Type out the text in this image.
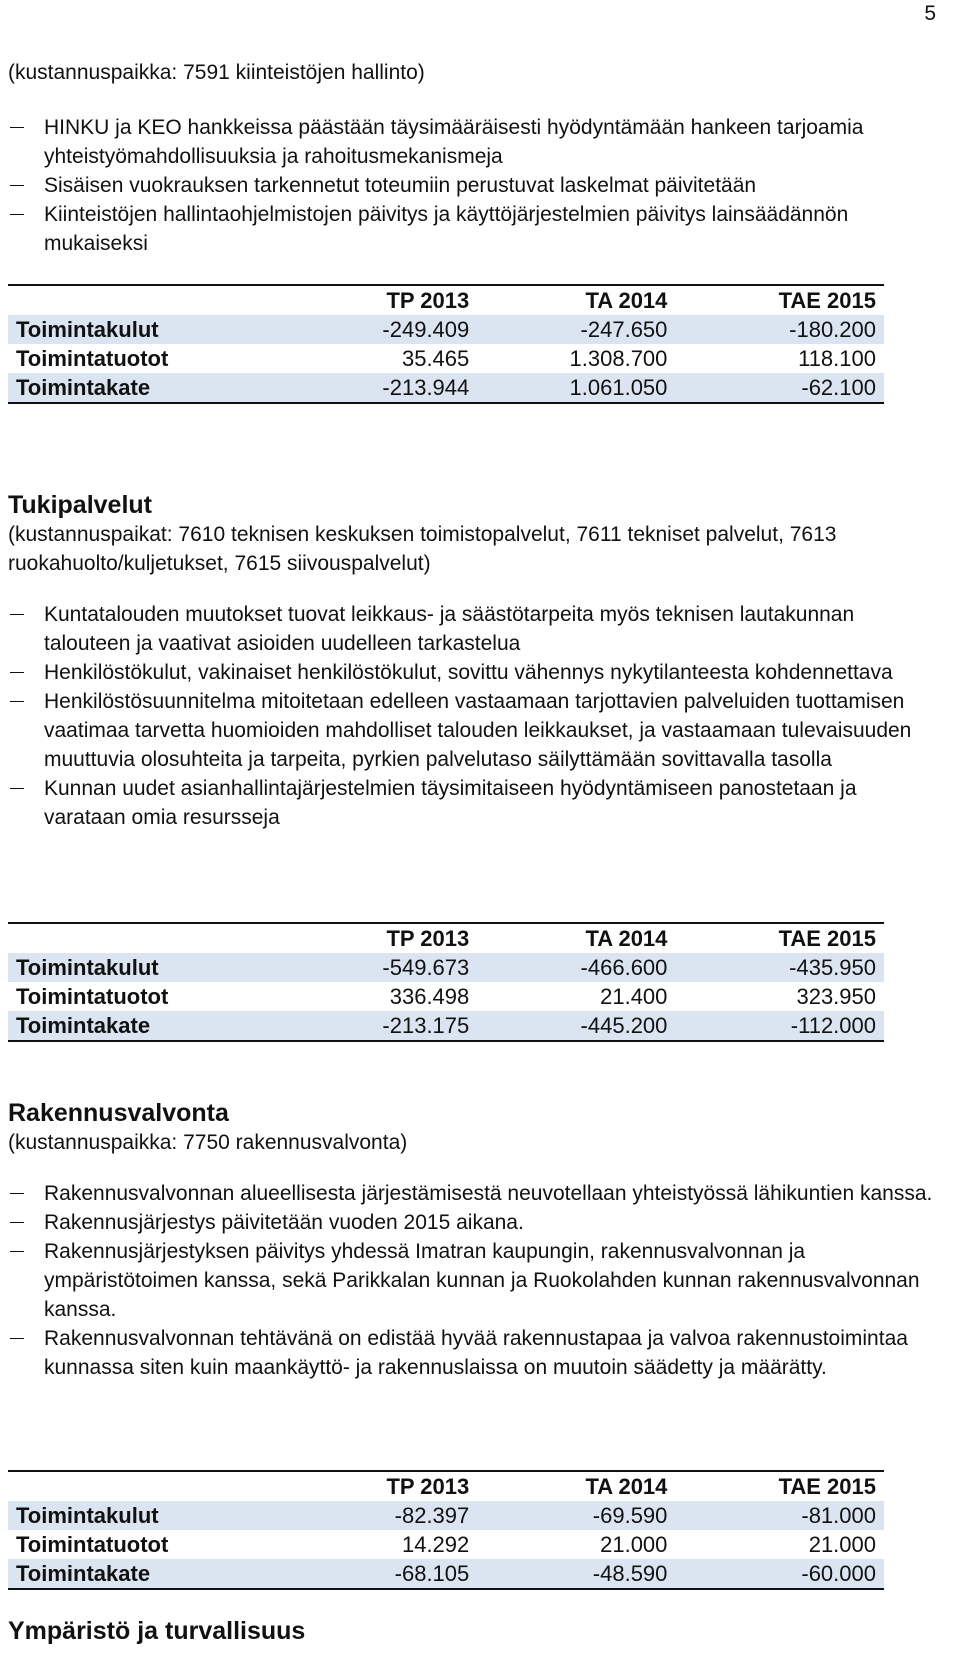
5

(kustannuspaikka: 7591 kiinteistöjen hallinto)

HINKU ja KEO hankkeissa päästään täysimääräisesti hyödyntämään hankeen tarjoamia yhteistyömahdollisuuksia ja rahoitusmekanismeja
Sisäisen vuokrauksen tarkennetut toteumiin perustuvat laskelmat päivitetään
Kiinteistöjen hallintaohjelmistojen päivitys ja käyttöjärjestelmien päivitys lainsäädännön mukaiseksi
	TP 2013	TA 2014	TAE 2015
Toimintakulut	-249.409	-247.650	-180.200
Toimintatuotot	35.465	1.308.700	118.100
Toimintakate	-213.944	1.061.050	-62.100
Tukipalvelut

(kustannuspaikat: 7610 teknisen keskuksen toimistopalvelut, 7611 tekniset palvelut, 7613 ruokahuolto/kuljetukset, 7615 siivouspalvelut)

Kuntatalouden muutokset tuovat leikkaus- ja säästötarpeita myös teknisen lautakunnan talouteen ja vaativat asioiden uudelleen tarkastelua
Henkilöstökulut, vakinaiset henkilöstökulut, sovittu vähennys nykytilanteesta kohdennettava
Henkilöstösuunnitelma mitoitetaan edelleen vastaamaan tarjottavien palveluiden tuottamisen vaatimaa tarvetta huomioiden mahdolliset talouden leikkaukset, ja vastaamaan tulevaisuuden muuttuvia olosuhteita ja tarpeita, pyrkien palvelutaso säilyttämään sovittavalla tasolla
Kunnan uudet asianhallintajärjestelmien täysimitaiseen hyödyntämiseen panostetaan ja varataan omia resursseja
	TP 2013	TA 2014	TAE 2015
Toimintakulut	-549.673	-466.600	-435.950
Toimintatuotot	336.498	21.400	323.950
Toimintakate	-213.175	-445.200	-112.000
Rakennusvalvonta

(kustannuspaikka: 7750 rakennusvalvonta)

Rakennusvalvonnan alueellisesta järjestämisestä neuvotellaan yhteistyössä lähikuntien kanssa.
Rakennusjärjestys päivitetään vuoden 2015 aikana.
Rakennusjärjestyksen päivitys yhdessä Imatran kaupungin, rakennusvalvonnan ja ympäristötoimen kanssa, sekä Parikkalan kunnan ja Ruokolahden kunnan rakennusvalvonnan kanssa.
Rakennusvalvonnan tehtävänä on edistää hyvää rakennustapaa ja valvoa rakennustoimintaa kunnassa siten kuin maankäyttö- ja rakennuslaissa on muutoin säädetty ja määrätty.
	TP 2013	TA 2014	TAE 2015
Toimintakulut	-82.397	-69.590	-81.000
Toimintatuotot	14.292	21.000	21.000
Toimintakate	-68.105	-48.590	-60.000
Ympäristö ja turvallisuus
